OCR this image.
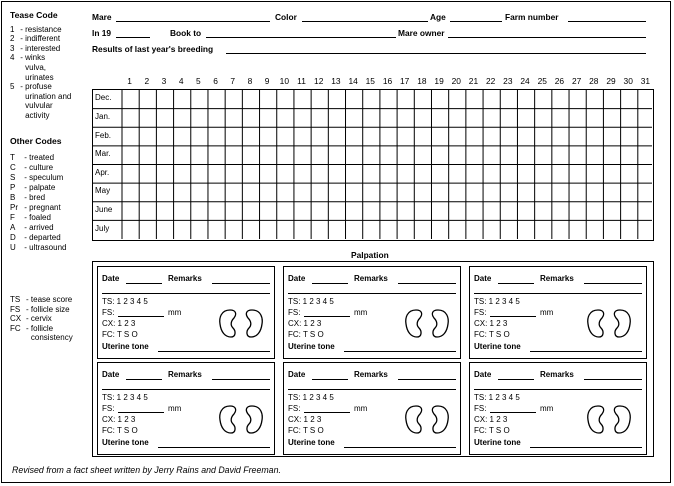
Mare	Color	Age	Farm number
In 19	Book to	Mare owner
Results of last year's breeding
Tease Code
1 - resistance
2 - indifferent
3 - interested
4 - winks
vulva,
urinates
5 - profuse
urination and
vulvular
activity
Other Codes
T - treated
C - culture
S - speculum
P - palpate
B - bred
Pr - pregnant
F - foaled
A - arrived
D - departed
U - ultrasound
TS - tease score
FS - follicle size
CX - cervix
FC - follicle
consistency
1	2	3	4	5	6	7	8	9	10 11 12 13 14 15 16 17 18 19 20 21 22 23 24 25 26 27 28 29 30 31
Dec.
Jan.
Feb.
Mar.
Apr.
May
June
July
Palpation
Date	Remarks
TS: 1 2 3 4 5
FS:	mm
CX: 1 2 3
FC: T S O
Uterine tone
Date	Remarks
TS: 1 2 3 4 5
FS:	mm
CX: 1 2 3
FC: T S O
Uterine tone
Date	Remarks
TS: 1 2 3 4 5
FS:	mm
CX: 1 2 3
FC: T S O
Uterine tone
Date	Remarks
TS: 1 2 3 4 5
FS:	mm
CX: 1 2 3
FC: T S O
Uterine tone
Date	Remarks
TS: 1 2 3 4 5
FS:	mm
CX: 1 2 3
FC: T S O
Uterine tone
Date	Remarks
TS: 1 2 3 4 5
FS:	mm
CX: 1 2 3
FC: T S O
Uterine tone
Revised from a fact sheet written by Jerry Rains and David Freeman.
